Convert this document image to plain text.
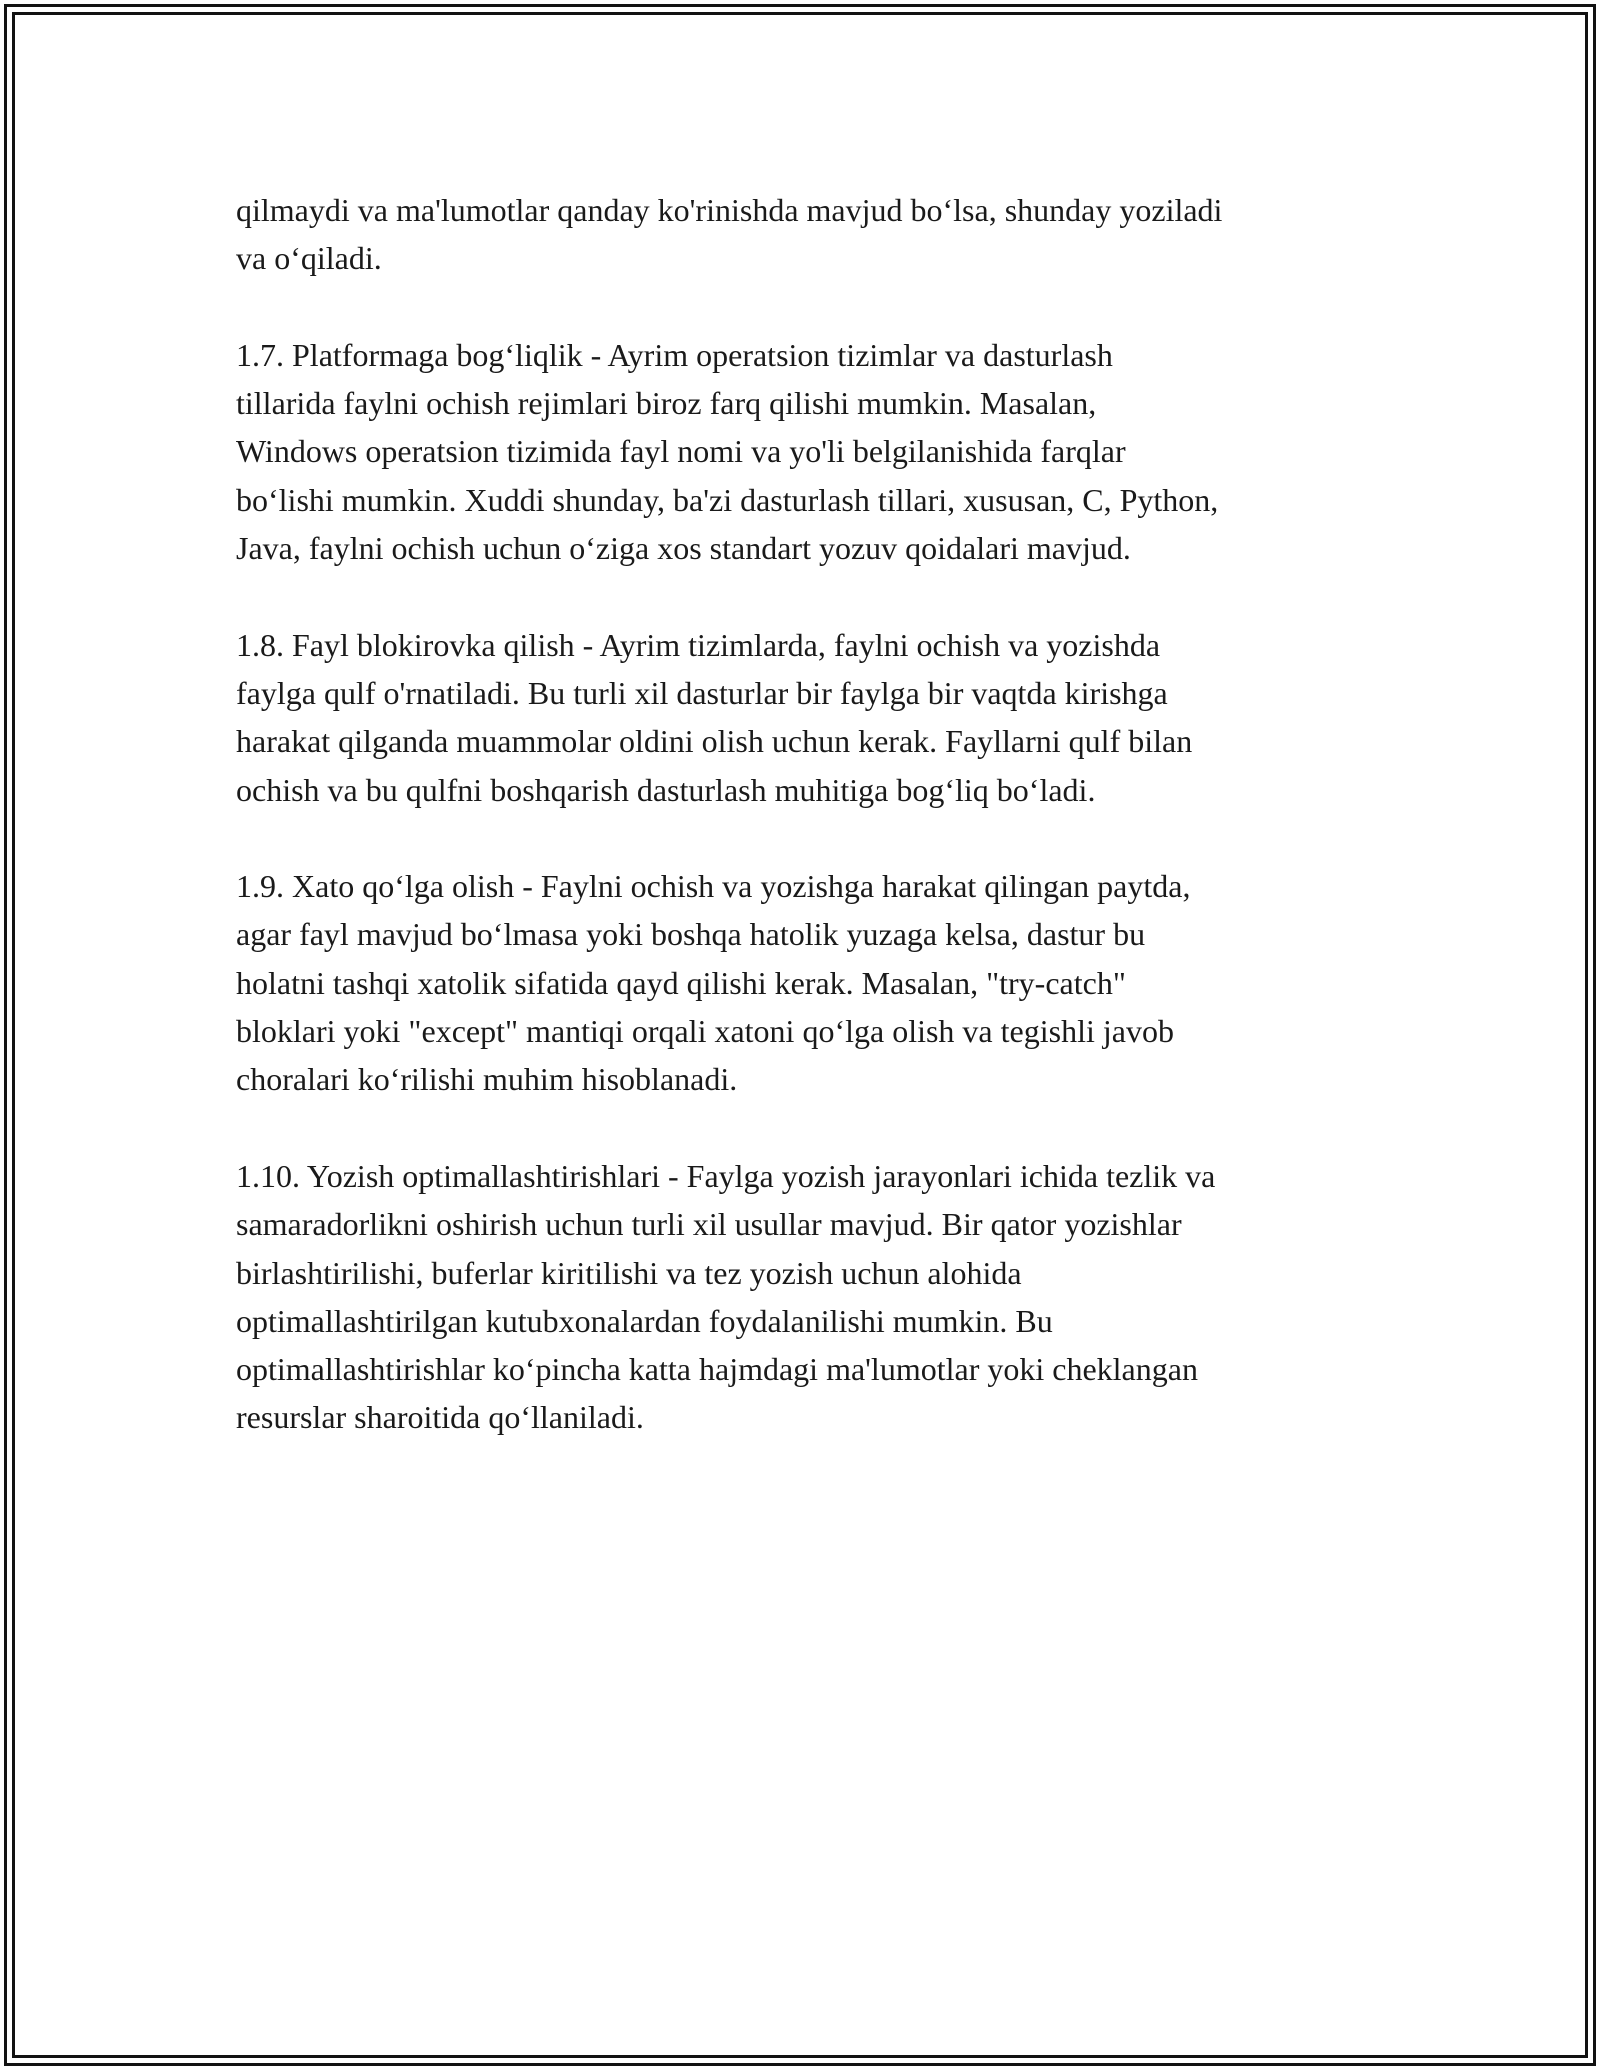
qilmaydi va ma'lumotlar qanday ko'rinishda mavjud bo‘lsa, shunday yoziladi
va o‘qiladi.

1.7. Platformaga bog‘liqlik - Ayrim operatsion tizimlar va dasturlash
tillarida faylni ochish rejimlari biroz farq qilishi mumkin. Masalan,
Windows operatsion tizimida fayl nomi va yo'li belgilanishida farqlar
bo‘lishi mumkin. Xuddi shunday, ba'zi dasturlash tillari, xususan, C, Python,
Java, faylni ochish uchun o‘ziga xos standart yozuv qoidalari mavjud.

1.8. Fayl blokirovka qilish - Ayrim tizimlarda, faylni ochish va yozishda
faylga qulf o'rnatiladi. Bu turli xil dasturlar bir faylga bir vaqtda kirishga
harakat qilganda muammolar oldini olish uchun kerak. Fayllarni qulf bilan
ochish va bu qulfni boshqarish dasturlash muhitiga bog‘liq bo‘ladi.

1.9. Xato qo‘lga olish - Faylni ochish va yozishga harakat qilingan paytda,
agar fayl mavjud bo‘lmasa yoki boshqa hatolik yuzaga kelsa, dastur bu
holatni tashqi xatolik sifatida qayd qilishi kerak. Masalan, "try-catch"
bloklari yoki "except" mantiqi orqali xatoni qo‘lga olish va tegishli javob
choralari ko‘rilishi muhim hisoblanadi.

1.10. Yozish optimallashtirishlari - Faylga yozish jarayonlari ichida tezlik va
samaradorlikni oshirish uchun turli xil usullar mavjud. Bir qator yozishlar
birlashtirilishi, buferlar kiritilishi va tez yozish uchun alohida
optimallashtirilgan kutubxonalardan foydalanilishi mumkin. Bu
optimallashtirishlar ko‘pincha katta hajmdagi ma'lumotlar yoki cheklangan
resurslar sharoitida qo‘llaniladi.
